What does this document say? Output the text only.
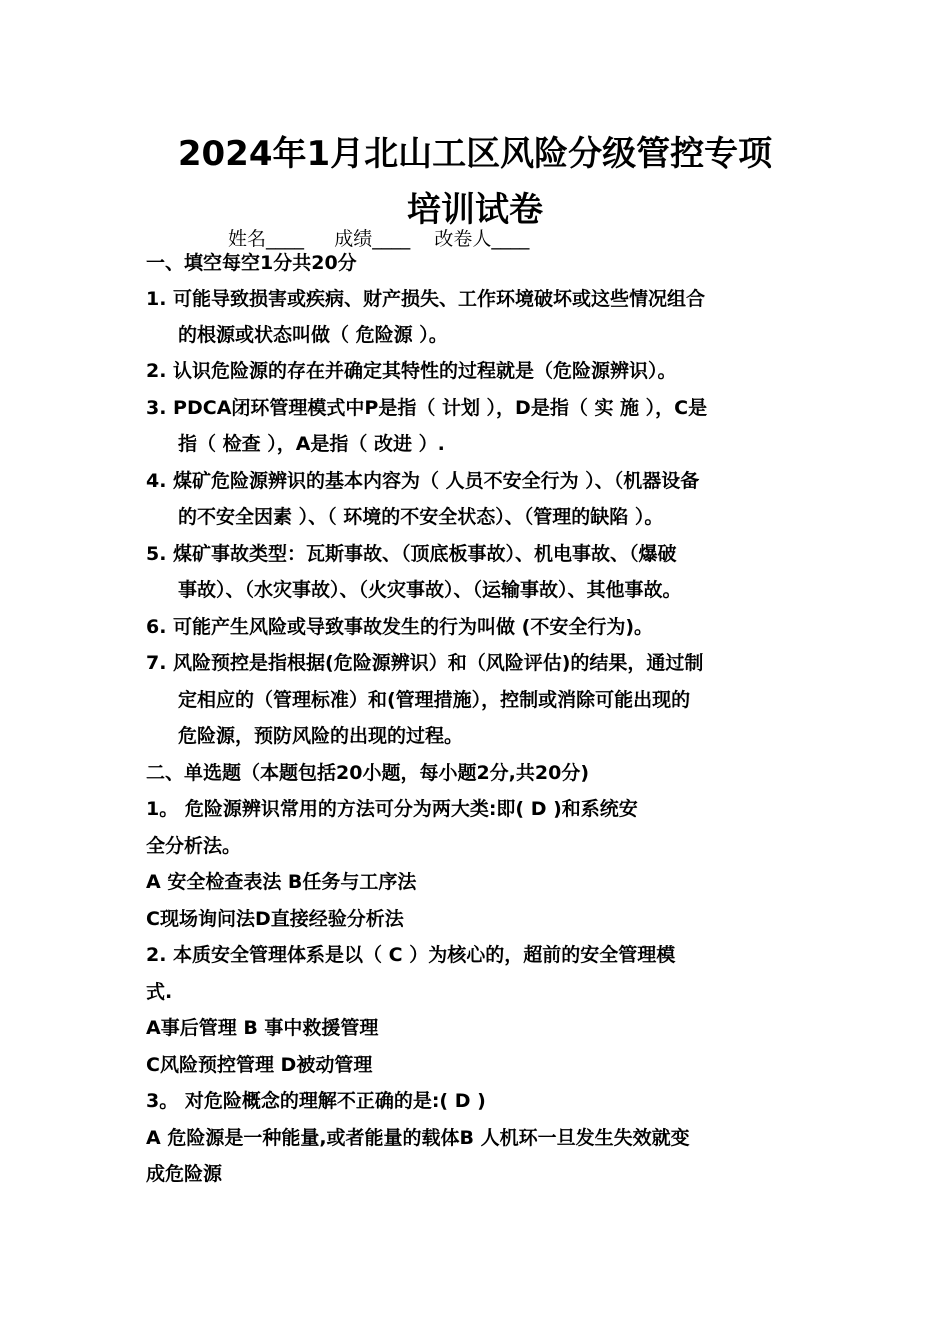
2024年1月北山工区风险分级管控专项
培训试卷
姓名____     成绩____    改卷人____
一、填空每空1分共20分
1. 可能导致损害或疾病、财产损失、工作环境破坏或这些情况组合
的根源或状态叫做（ 危险源 ）。
2. 认识危险源的存在并确定其特性的过程就是（危险源辨识）。
3. PDCA闭环管理模式中P是指（ 计划 ），D是指（ 实 施 ），C是
指（ 检查 ），A是指（ 改进 ）.
4. 煤矿危险源辨识的基本内容为（ 人员不安全行为 ）、（机器设备
的不安全因素 ）、（ 环境的不安全状态）、（管理的缺陷 ）。
5. 煤矿事故类型：瓦斯事故、（顶底板事故）、机电事故、（爆破
事故）、（水灾事故）、（火灾事故）、（运输事故）、其他事故。
6. 可能产生风险或导致事故发生的行为叫做 (不安全行为)。
7. 风险预控是指根据(危险源辨识）和（风险评估)的结果，通过制
定相应的（管理标准）和(管理措施），控制或消除可能出现的
危险源，预防风险的出现的过程。
二、单选题（本题包括20小题，每小题2分,共20分)
1。 危险源辨识常用的方法可分为两大类:即( D )和系统安
全分析法。
A 安全检查表法 B任务与工序法
C现场询问法D直接经验分析法
2. 本质安全管理体系是以（ C ）为核心的，超前的安全管理模
式.
A事后管理 B 事中救援管理
C风险预控管理 D被动管理
3。 对危险概念的理解不正确的是:( D )
A 危险源是一种能量,或者能量的载体B 人机环一旦发生失效就变
成危险源
